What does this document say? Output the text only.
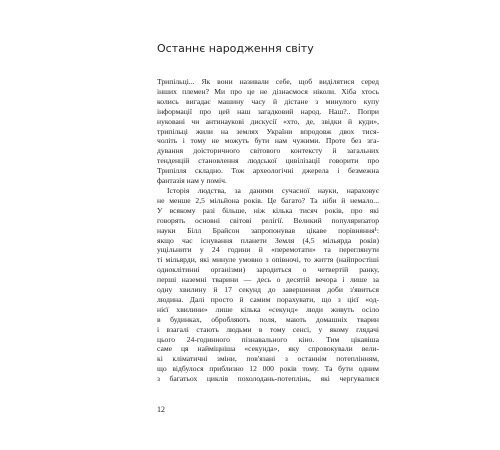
Останнє народження світу

Трипільці... Як вони називали себе, щоб виділятися серед

інших племен? Ми про це не дізнаємося ніколи. Хіба хтось

колись вигадає машину часу й дістане з минулого купу

інформації про цей наш загадковий народ. Наш?.. Попри

нуковані чи антинаукові дискусії «хто, де, звідки й куди»,

трипільці жили на землях України впродовж двох тися-

чоліть і тому не можуть бути нам чужими. Проте без зга-

дування доісторичного світового контексту й загальних

тенденцій становлення людської цивілізації говорити про

Трипілля складно. Тож археологічні джерела і безмежна

фантазія нам у поміч.

Історія людства, за даними сучасної науки, нараховує

не менше 2,5 мільйона років. Це багато? Та ніби й немало...

У всякому разі більше, ніж кілька тисяч років, про які

говорять основні світові релігії. Великий популяризатор

науки Білл Брайсон запропонував цікаве порівняння¹:

якщо час існування планети Земля (4,5 мільярда років)

ущільнити у 24 години й «перемотати» та переглянути

ті мільярди, які минуле умовно з опівночі, то життя (найпростіші

одноклітинні організми) зародиться о четвертій ранку,

перші наземні тварини — десь о десятій вечора і лише за

одну хвилину й 17 секунд до завершення доби з'явиться

людина. Далі просто й самим порахувати, що з цієї «од-

нієї хвилини» лише кілька «секунд» люди живуть осіло

в будинках, обробляють поля, мають домашніх тварин

і взагалі стають людьми в тому сенсі, у якому глядачі

цього 24-годинного пізнавального кіно. Тим цікавіша

саме ця найміцніша «секунда», яку спровокували вели-

кі кліматичні зміни, пов'язані з останнім потеплінням,

що відбулося приблизно 12 000 років тому. Та бути одним

з багатьох циклів похолодань-потеплінь, які чергувалися

12
